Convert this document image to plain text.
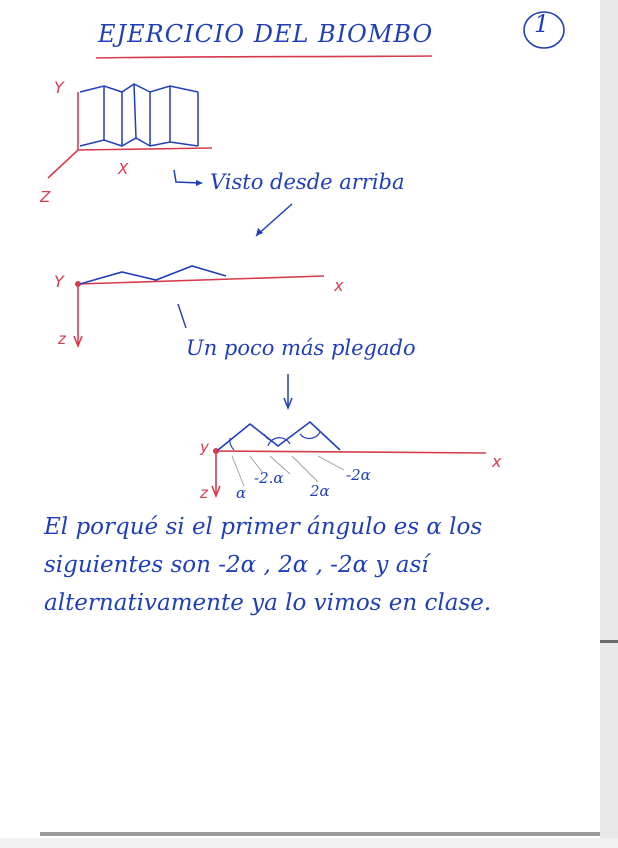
EJERCICIO DEL BIOMBO	1
Y
X
Z
Visto desde arriba
Y	x
z	Un poco más plegado
y
x
z α
-2.α
2α
-2α
El porqué si el primer ángulo es α los siguientes son -2α , 2α , -2α y así alternativamente ya lo vimos en clase.
